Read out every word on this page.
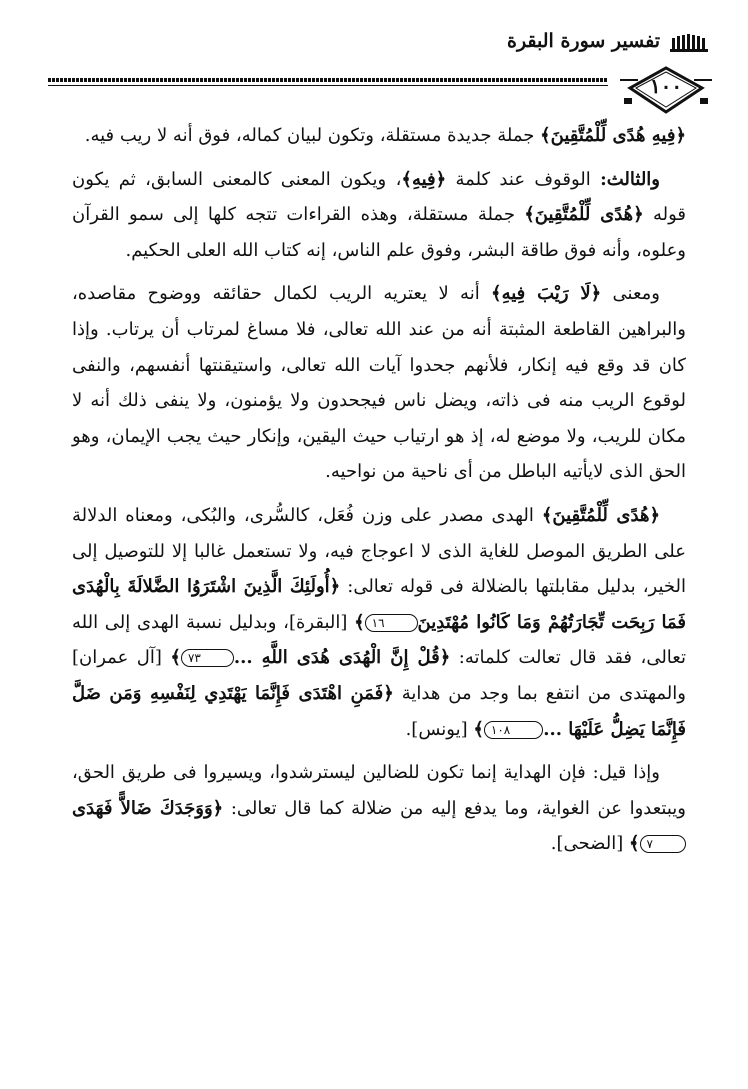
تفسير سورة البقرة
١٠٠

﴿فِيهِ هُدًى لِّلْمُتَّقِينَ﴾ جملة جديدة مستقلة، وتكون لبيان كماله، فوق أنه لا ريب فيه.

والثالث: الوقوف عند كلمة ﴿فِيهِ﴾، ويكون المعنى كالمعنى السابق، ثم يكون قوله ﴿هُدًى لِّلْمُتَّقِينَ﴾ جملة مستقلة، وهذه القراءات تتجه كلها إلى سمو القرآن وعلوه، وأنه فوق طاقة البشر، وفوق علم الناس، إنه كتاب الله العلى الحكيم.

ومعنى ﴿لَا رَيْبَ فِيهِ﴾ أنه لا يعتريه الريب لكمال حقائقه ووضوح مقاصده، والبراهين القاطعة المثبتة أنه من عند الله تعالى، فلا مساغ لمرتاب أن يرتاب. وإذا كان قد وقع فيه إنكار، فلأنهم جحدوا آيات الله تعالى، واستيقنتها أنفسهم، والنفى لوقوع الريب منه فى ذاته، ويضل ناس فيجحدون ولا يؤمنون، ولا ينفى ذلك أنه لا مكان للريب، ولا موضع له، إذ هو ارتياب حيث اليقين، وإنكار حيث يجب الإيمان، وهو الحق الذى لايأتيه الباطل من أى ناحية من نواحيه.

﴿هُدًى لِّلْمُتَّقِينَ﴾ الهدى مصدر على وزن فُعَل، كالسُّرى، والبُكى، ومعناه الدلالة على الطريق الموصل للغاية الذى لا اعوجاج فيه، ولا تستعمل غالبا إلا للتوصيل إلى الخير، بدليل مقابلتها بالضلالة فى قوله تعالى: ﴿أُولَئِكَ الَّذِينَ اشْتَرَوُا الضَّلالَةَ بِالْهُدَى فَمَا رَبِحَت تِّجَارَتُهُمْ وَمَا كَانُوا مُهْتَدِينَ١٦﴾ [البقرة]، وبدليل نسبة الهدى إلى الله تعالى، فقد قال تعالت كلماته: ﴿قُلْ إِنَّ الْهُدَى هُدَى اللَّهِ ...٧٣﴾ [آل عمران] والمهتدى من انتفع بما وجد من هداية ﴿فَمَنِ اهْتَدَى فَإِنَّمَا يَهْتَدِي لِنَفْسِهِ وَمَن ضَلَّ فَإِنَّمَا يَضِلُّ عَلَيْهَا ...١٠٨﴾ [يونس].

وإذا قيل: فإن الهداية إنما تكون للضالين ليسترشدوا، ويسيروا فى طريق الحق، ويبتعدوا عن الغواية، وما يدفع إليه من ضلالة كما قال تعالى: ﴿وَوَجَدَكَ ضَالاًّ فَهَدَى٧﴾ [الضحى].
